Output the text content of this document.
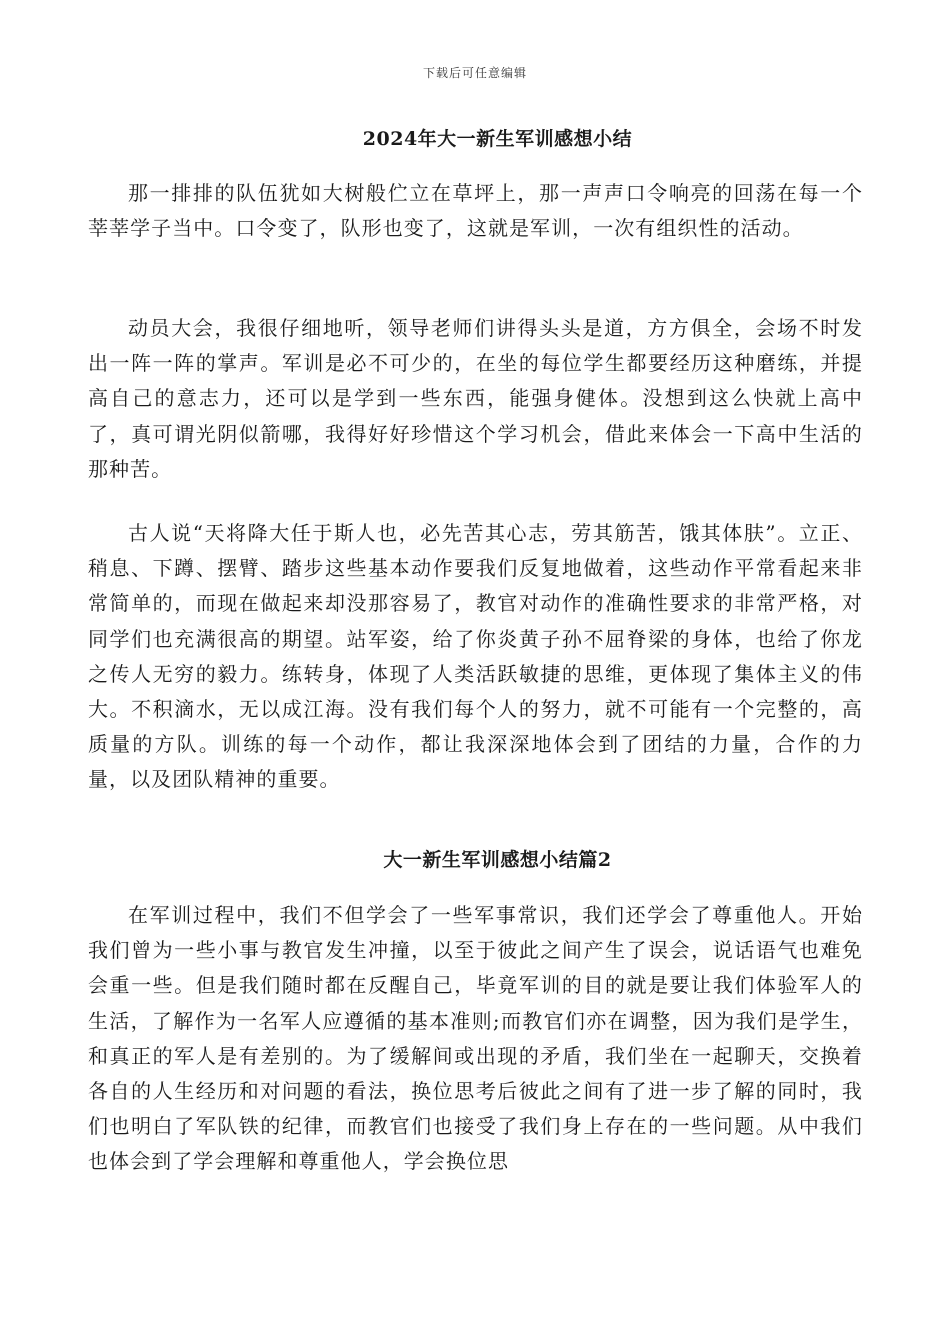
下载后可任意编辑
2024年大一新生军训感想小结

那一排排的队伍犹如大树般伫立在草坪上，那一声声口令响亮的回荡在每一个莘莘学子当中。口令变了，队形也变了，这就是军训，一次有组织性的活动。

动员大会，我很仔细地听，领导老师们讲得头头是道，方方俱全，会场不时发出一阵一阵的掌声。军训是必不可少的，在坐的每位学生都要经历这种磨练，并提高自己的意志力，还可以是学到一些东西，能强身健体。没想到这么快就上高中了，真可谓光阴似箭哪，我得好好珍惜这个学习机会，借此来体会一下高中生活的那种苦。

古人说“天将降大任于斯人也，必先苦其心志，劳其筋苦，饿其体肤”。立正、稍息、下蹲、摆臂、踏步这些基本动作要我们反复地做着，这些动作平常看起来非常简单的，而现在做起来却没那容易了，教官对动作的准确性要求的非常严格，对同学们也充满很高的期望。站军姿，给了你炎黄子孙不屈脊梁的身体，也给了你龙之传人无穷的毅力。练转身，体现了人类活跃敏捷的思维，更体现了集体主义的伟大。不积滴水，无以成江海。没有我们每个人的努力，就不可能有一个完整的，高质量的方队。训练的每一个动作，都让我深深地体会到了团结的力量，合作的力量，以及团队精神的重要。

大一新生军训感想小结篇2

在军训过程中，我们不但学会了一些军事常识，我们还学会了尊重他人。开始我们曾为一些小事与教官发生冲撞，以至于彼此之间产生了误会，说话语气也难免会重一些。但是我们随时都在反醒自己，毕竟军训的目的就是要让我们体验军人的生活，了解作为一名军人应遵循的基本准则;而教官们亦在调整，因为我们是学生，和真正的军人是有差别的。为了缓解间或出现的矛盾，我们坐在一起聊天，交换着各自的人生经历和对问题的看法，换位思考后彼此之间有了进一步了解的同时，我们也明白了军队铁的纪律，而教官们也接受了我们身上存在的一些问题。从中我们也体会到了学会理解和尊重他人，学会换位思
